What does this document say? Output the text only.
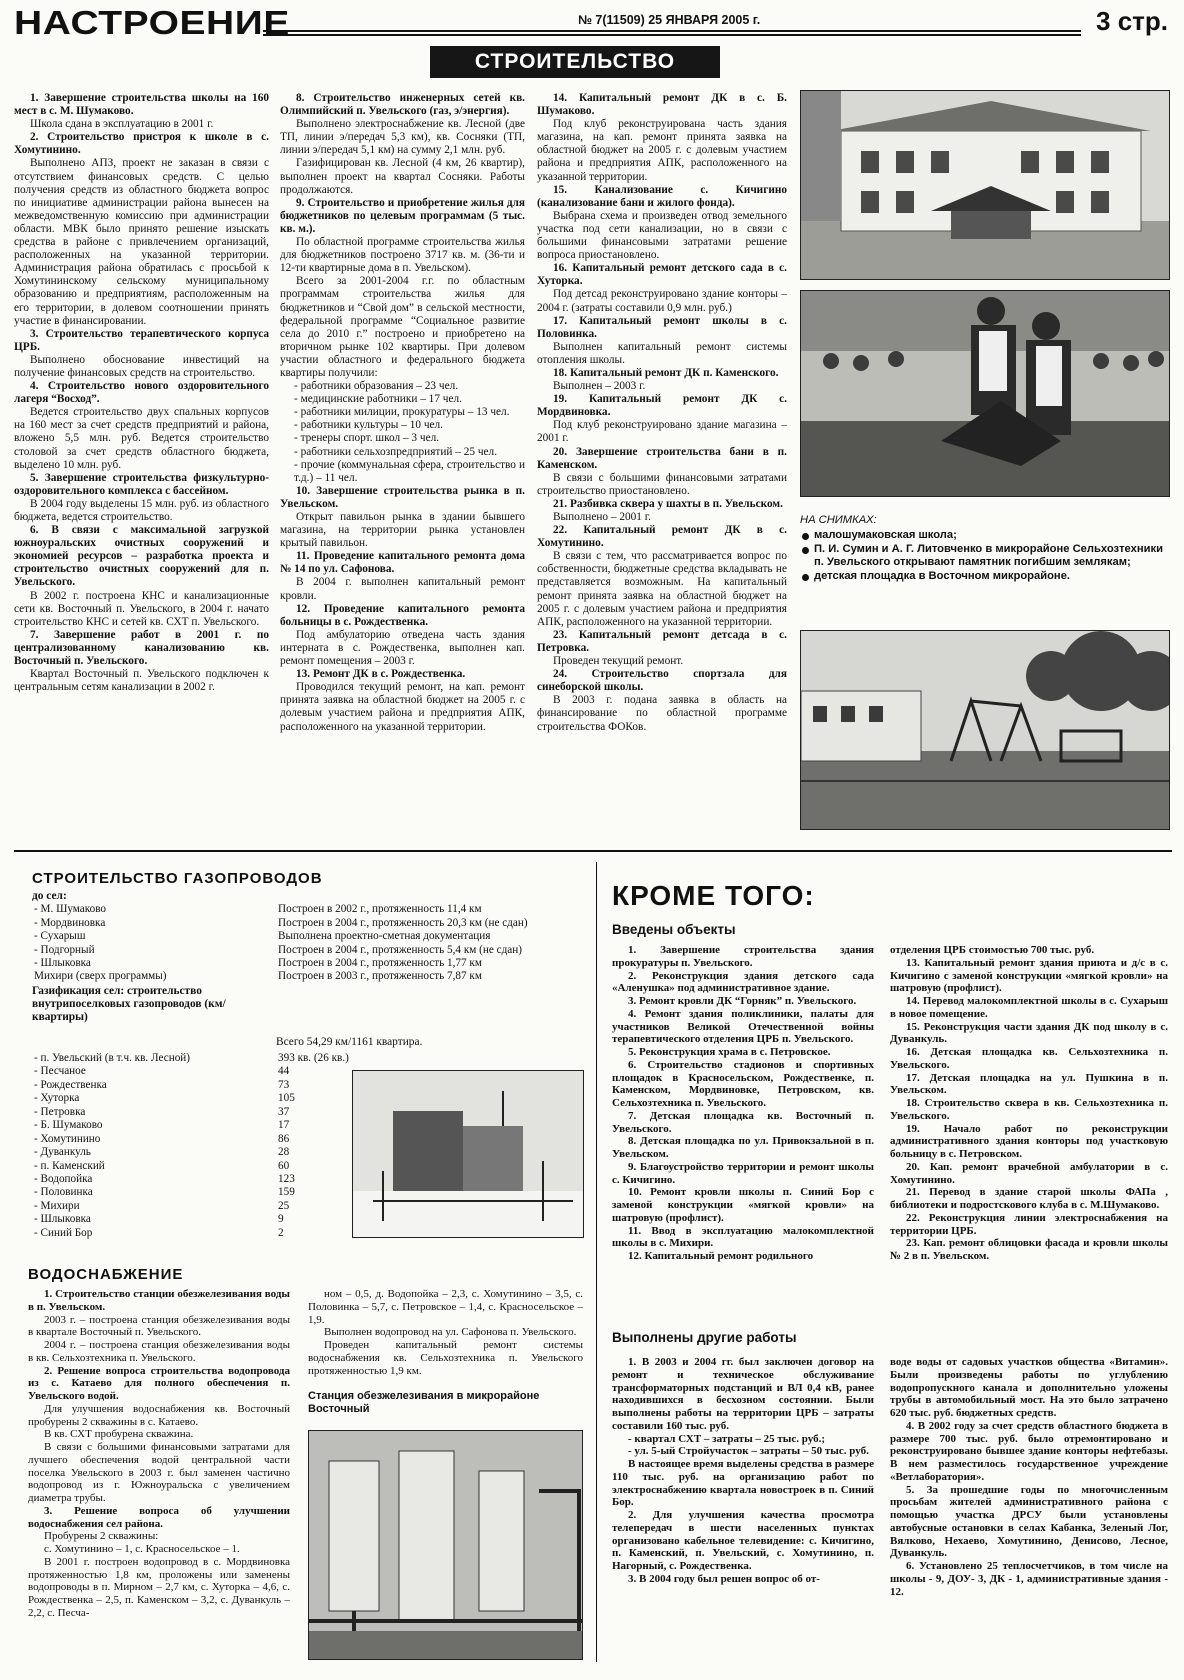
НАСТРОЕНИЕ	№ 7(11509) 25 ЯНВАРЯ 2005 г.	3 стр.
СТРОИТЕЛЬСТВО

1. Завершение строительства школы на 160 мест в с. М. Шумаково.

Школа сдана в эксплуатацию в 2001 г.

2. Строительство пристроя к школе в с. Хомутинино.

Выполнено АПЗ, проект не заказан в связи с отсутствием финансовых средств. С целью получения средств из областного бюджета вопрос по инициативе администрации района вынесен на межведомственную комиссию при администрации области. МВК было принято решение изыскать средства в районе с привлечением организаций, расположенных на указанной территории. Администрация района обратилась с просьбой к Хомутининскому сельскому муниципальному образованию и предприятиям, расположенным на его территории, в долевом соотношении принять участие в финансировании.

3. Строительство терапевтического корпуса ЦРБ.

Выполнено обоснование инвестиций на получение финансовых средств на строительство.

4. Строительство нового оздоровительного лагеря “Восход”.

Ведется строительство двух спальных корпусов на 160 мест за счет средств предприятий и района, вложено 5,5 млн. руб. Ведется строительство столовой за счет средств областного бюджета, выделено 10 млн. руб.

5. Завершение строительства физкультурно-оздоровительного комплекса с бассейном.

В 2004 году выделены 15 млн. руб. из областного бюджета, ведется строительство.

6. В связи с максимальной загрузкой южноуральских очистных сооружений и экономией ресурсов – разработка проекта и строительство очистных сооружений для п. Увельского.

В 2002 г. построена КНС и канализационные сети кв. Восточный п. Увельского, в 2004 г. начато строительство КНС и сетей кв. СХТ п. Увельского.

7. Завершение работ в 2001 г. по централизованному канализованию кв. Восточный п. Увельского.

Квартал Восточный п. Увельского подключен к центральным сетям канализации в 2002 г.

8. Строительство инженерных сетей кв. Олимпийский п. Увельского (газ, э/энергия).

Выполнено электроснабжение кв. Лесной (две ТП, линии э/передач 5,3 км), кв. Сосняки (ТП, линии э/передач 5,1 км) на сумму 2,1 млн. руб.

Газифицирован кв. Лесной (4 км, 26 квартир), выполнен проект на квартал Сосняки. Работы продолжаются.

9. Строительство и приобретение жилья для бюджетников по целевым программам (5 тыс. кв. м.).

По областной программе строительства жилья для бюджетников построено 3717 кв. м. (36-ти и 12-ти квартирные дома в п. Увельском).

Всего за 2001-2004 г.г. по областным программам строительства жилья для бюджетников и “Свой дом” в сельской местности, федеральной программе “Социальное развитие села до 2010 г.” построено и приобретено на вторичном рынке 102 квартиры. При долевом участии областного и федерального бюджета квартиры получили:

- работники образования – 23 чел.

- медицинские работники – 17 чел.

- работники милиции, прокуратуры – 13 чел.

- работники культуры – 10 чел.

- тренеры спорт. школ – 3 чел.

- работники сельхозпредприятий – 25 чел.

- прочие (коммунальная сфера, строительство и т.д.) – 11 чел.

10. Завершение строительства рынка в п. Увельском.

Открыт павильон рынка в здании бывшего магазина, на территории рынка установлен крытый павильон.

11. Проведение капитального ремонта дома № 14 по ул. Сафонова.

В 2004 г. выполнен капитальный ремонт кровли.

12. Проведение капитального ремонта больницы в с. Рождественка.

Под амбулаторию отведена часть здания интерната в с. Рождественка, выполнен кап. ремонт помещения – 2003 г.

13. Ремонт ДК в с. Рождественка.

Проводился текущий ремонт, на кап. ремонт принята заявка на областной бюджет на 2005 г. с долевым участием района и предприятия АПК, расположенного на указанной территории.

14. Капитальный ремонт ДК в с. Б. Шумаково.

Под клуб реконструирована часть здания магазина, на кап. ремонт принята заявка на областной бюджет на 2005 г. с долевым участием района и предприятия АПК, расположенного на указанной территории.

15. Канализование с. Кичигино (канализование бани и жилого фонда).

Выбрана схема и произведен отвод земельного участка под сети канализации, но в связи с большими финансовыми затратами решение вопроса приостановлено.

16. Капитальный ремонт детского сада в с. Хуторка.

Под детсад реконструировано здание конторы – 2004 г. (затраты составили 0,9 млн. руб.)

17. Капитальный ремонт школы в с. Половинка.

Выполнен капитальный ремонт системы отопления школы.

18. Капитальный ремонт ДК п. Каменского.

Выполнен – 2003 г.

19. Капитальный ремонт ДК с. Мордвиновка.

Под клуб реконструировано здание магазина – 2001 г.

20. Завершение строительства бани в п. Каменском.

В связи с большими финансовыми затратами строительство приостановлено.

21. Разбивка сквера у шахты в п. Увельском.

Выполнено – 2001 г.

22. Капитальный ремонт ДК в с. Хомутинино.

В связи с тем, что рассматривается вопрос по собственности, бюджетные средства вкладывать не представляется возможным. На капитальный ремонт принята заявка на областной бюджет на 2005 г. с долевым участием района и предприятия АПК, расположенного на указанной территории.

23. Капитальный ремонт детсада в с. Петровка.

Проведен текущий ремонт.

24. Строительство спортзала для синеборской школы.

В 2003 г. подана заявка в область на финансирование по областной программе строительства ФОКов.

НА СНИМКАХ:
малошумаковская школа;
П. И. Сумин и А. Г. Литовченко в микрорайоне Сельхозтехники п. Увельского открывают памятник погибшим землякам;
детская площадка в Восточном микрорайоне.
СТРОИТЕЛЬСТВО ГАЗОПРОВОДОВ
до сел:
- М. Шумаково	Построен в 2002 г., протяженность 11,4 км
- Мордвиновка	Построен в 2004 г., протяженность 20,3 км (не сдан)
- Сухарыш	Выполнена проектно-сметная документация
- Подгорный	Построен в 2004 г., протяженность 5,4 км (не сдан)
- Шлыковка	Построен в 2004 г., протяженность 1,77 км
Михири (сверх программы)	Построен в 2003 г., протяженность 7,87 км
Газификация сел: строительство внутрипоселковых газопроводов (км/квартиры)
Всего 54,29 км/1161 квартира.
- п. Увельский (в т.ч. кв. Лесной)	393 кв. (26 кв.)
- Песчаное	44
- Рождественка	73
- Хуторка	105
- Петровка	37
- Б. Шумаково	17
- Хомутинино	86
- Дуванкуль	28
- п. Каменский	60
- Водопойка	123
- Половинка	159
- Михири	25
- Шлыковка	9
- Синий Бор	2
ВОДОСНАБЖЕНИЕ

1. Строительство станции обезжелезивания воды в п. Увельском.

2003 г. – построена станция обезжелезивания воды в квартале Восточный п. Увельского.

2004 г. – построена станция обезжелезивания воды в кв. Сельхозтехника п. Увельского.

2. Решение вопроса строительства водопровода из с. Катаево для полного обеспечения п. Увельского водой.

Для улучшения водоснабжения кв. Восточный пробурены 2 скважины в с. Катаево.

В кв. СХТ пробурена скважина.

В связи с большими финансовыми затратами для лучшего обеспечения водой центральной части поселка Увельского в 2003 г. был заменен частично водопровод из г. Южноуральска с увеличением диаметра трубы.

3. Решение вопроса об улучшении водоснабжения сел района.

Пробурены 2 скважины:

с. Хомутинино – 1, с. Красносельское – 1.

В 2001 г. построен водопровод в с. Мордвиновка протяженностью 1,8 км, проложены или заменены водопроводы в п. Мирном – 2,7 км, с. Хуторка – 4,6, с. Рождественка – 2,5, п. Каменском – 3,2, с. Дуванкуль – 2,2, с. Песча-

ном – 0,5, д. Водопойка – 2,3, с. Хомутинино – 3,5, с. Половинка – 5,7, с. Петровское – 1,4, с. Красносельское – 1,9.

Выполнен водопровод на ул. Сафонова п. Увельского.

Проведен капитальный ремонт системы водоснабжения кв. Сельхозтехника п. Увельского протяженностью 1,9 км.

Станция обезжелезивания в микрорайоне Восточный
КРОМЕ ТОГО:
Введены объекты

1. Завершение строительства здания прокуратуры п. Увельского.

2. Реконструкция здания детского сада «Аленушка» под административное здание.

3. Ремонт кровли ДК “Горняк” п. Увельского.

4. Ремонт здания поликлиники, палаты для участников Великой Отечественной войны терапевтического отделения ЦРБ п. Увельского.

5. Реконструкция храма в с. Петровское.

6. Строительство стадионов и спортивных площадок в Красносельском, Рождественке, п. Каменском, Мордвиновке, Петровском, кв. Сельхозтехника п. Увельского.

7. Детская площадка кв. Восточный п. Увельского.

8. Детская площадка по ул. Привокзальной в п. Увельском.

9. Благоустройство территории и ремонт школы с. Кичигино.

10. Ремонт кровли школы п. Синий Бор с заменой конструкции «мягкой кровли» на шатровую (профлист).

11. Ввод в эксплуатацию малокомплектной школы в с. Михири.

12. Капитальный ремонт родильного

отделения ЦРБ стоимостью 700 тыс. руб.

13. Капитальный ремонт здания приюта и д/с в с. Кичигино с заменой конструкции «мягкой кровли» на шатровую (профлист).

14. Перевод малокомплектной школы в с. Сухарыш в новое помещение.

15. Реконструкция части здания ДК под школу в с. Дуванкуль.

16. Детская площадка кв. Сельхозтехника п. Увельского.

17. Детская площадка на ул. Пушкина в п. Увельском.

18. Строительство сквера в кв. Сельхозтехника п. Увельского.

19. Начало работ по реконструкции административного здания конторы под участковую больницу в с. Петровском.

20. Кап. ремонт врачебной амбулатории в с. Хомутинино.

21. Перевод в здание старой школы ФАПа , библиотеки и подростскового клуба в с. М.Шумаково.

22. Реконструкция линии электроснабжения на территории ЦРБ.

23. Кап. ремонт облицовки фасада и кровли школы № 2 в п. Увельском.

Выполнены другие работы

1. В 2003 и 2004 гг. был заключен договор на ремонт и техническое обслуживание трансформаторных подстанций и ВЛ 0,4 кВ, ранее находившихся в бесхозном состоянии. Были выполнены работы на территории ЦРБ – затраты составили 160 тыс. руб.

- квартал СХТ – затраты – 25 тыс. руб.;

- ул. 5-ый Стройучасток – затраты – 50 тыс. руб.

В настоящее время выделены средства в размере 110 тыс. руб. на организацию работ по электроснабжению квартала новостроек в п. Синий Бор.

2. Для улучшения качества просмотра телепередач в шести населенных пунктах организовано кабельное телевидение: с. Кичигино, п. Каменский, п. Увельский, с. Хомутинино, п. Нагорный, с. Рождественка.

3. В 2004 году был решен вопрос об от-

воде воды от садовых участков общества «Витамин». Были произведены работы по углублению водопропускного канала и дополнительно уложены трубы в автомобильный мост. На это было затрачено 620 тыс. руб. бюджетных средств.

4. В 2002 году за счет средств областного бюджета в размере 700 тыс. руб. было отремонтировано и реконструировано бывшее здание конторы нефтебазы. В нем разместилось государственное учреждение «Ветлаборатория».

5. За прошедшие годы по многочисленным просьбам жителей административного района с помощью участка ДРСУ были установлены автобусные остановки в селах Кабанка, Зеленый Лог, Вялково, Нехаево, Хомутинино, Денисово, Лесное, Дуванкуль.

6. Установлено 25 теплосчетчиков, в том числе на школы - 9, ДОУ- 3, ДК - 1, административные здания - 12.
